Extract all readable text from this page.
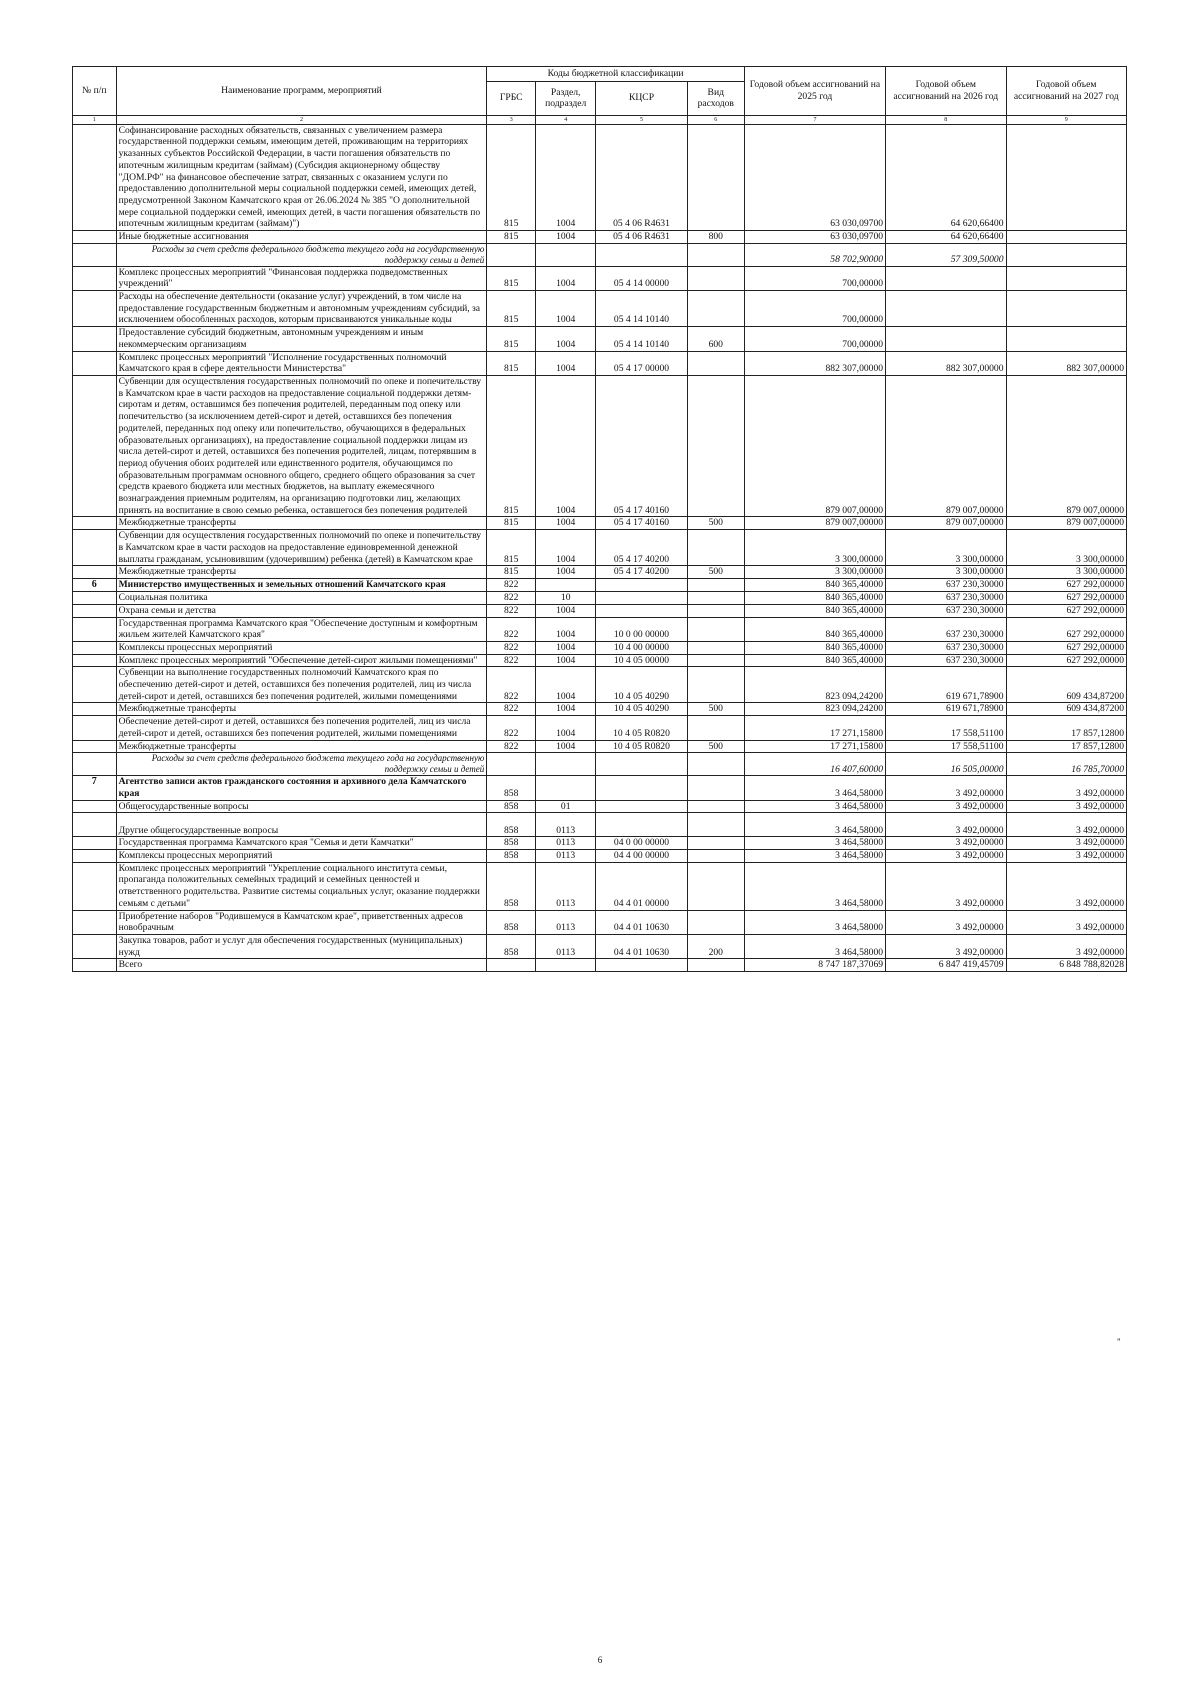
№ п/п	Наименование программ, мероприятий	Коды бюджетной классификации				Годовой объем ассигнований на 2025 год	Годовой объем ассигнований на 2026 год	Годовой объем ассигнований на 2027 год
		ГРБС	Раздел, подраздел	КЦСР	Вид расходов			
1	2	3	4	5	6	7	8	9
	Софинансирование расходных обязательств, связанных с увеличением размера государственной поддержки семьям, имеющим детей, проживающим на территориях указанных субъектов Российской Федерации, в части погашения обязательств по ипотечным жилищным кредитам (займам) (Субсидия акционерному обществу "ДОМ.РФ" на финансовое обеспечение затрат, связанных с оказанием услуги по предоставлению дополнительной меры социальной поддержки семей, имеющих детей, предусмотренной Законом Камчатского края от 26.06.2024 № 385 "О дополнительной мере социальной поддержки семей, имеющих детей, в части погашения обязательств по ипотечным жилищным кредитам (займам)")	815	1004	05 4 06 R4631		63 030,09700	64 620,66400	
	Иные бюджетные ассигнования	815	1004	05 4 06 R4631	800	63 030,09700	64 620,66400	
	Расходы за счет средств федерального бюджета текущего года на государственную поддержку семьи и детей					58 702,90000	57 309,50000	
	Комплекс процессных мероприятий "Финансовая поддержка подведомственных учреждений"	815	1004	05 4 14 00000		700,00000		
	Расходы на обеспечение деятельности (оказание услуг) учреждений, в том числе на предоставление государственным бюджетным и автономным учреждениям субсидий, за исключением обособленных расходов, которым присваиваются уникальные коды	815	1004	05 4 14 10140		700,00000		
	Предоставление субсидий бюджетным, автономным учреждениям и иным некоммерческим организациям	815	1004	05 4 14 10140	600	700,00000		
	Комплекс процессных мероприятий "Исполнение государственных полномочий Камчатского края в сфере деятельности Министерства"	815	1004	05 4 17 00000		882 307,00000	882 307,00000	882 307,00000
	Субвенции для осуществления государственных полномочий по опеке и попечительству в Камчатском крае в части расходов на предоставление социальной поддержки детям-сиротам и детям, оставшимся без попечения родителей, переданным под опеку или попечительство (за исключением детей-сирот и детей, оставшихся без попечения родителей, переданных под опеку или попечительство, обучающихся в федеральных образовательных организациях), на предоставление социальной поддержки лицам из числа детей-сирот и детей, оставшихся без попечения родителей, лицам, потерявшим в период обучения обоих родителей или единственного родителя, обучающимся по образовательным программам основного общего, среднего общего образования за счет средств краевого бюджета или местных бюджетов, на выплату ежемесячного вознаграждения приемным родителям, на организацию подготовки лиц, желающих принять на воспитание в свою семью ребенка, оставшегося без попечения родителей	815	1004	05 4 17 40160		879 007,00000	879 007,00000	879 007,00000
	Межбюджетные трансферты	815	1004	05 4 17 40160	500	879 007,00000	879 007,00000	879 007,00000
	Субвенции для осуществления государственных полномочий по опеке и попечительству в Камчатском крае в части расходов на предоставление единовременной денежной выплаты гражданам, усыновившим (удочерившим) ребенка (детей) в Камчатском крае	815	1004	05 4 17 40200		3 300,00000	3 300,00000	3 300,00000
	Межбюджетные трансферты	815	1004	05 4 17 40200	500	3 300,00000	3 300,00000	3 300,00000
6	Министерство имущественных и земельных отношений Камчатского края	822				840 365,40000	637 230,30000	627 292,00000
	Социальная политика	822	10			840 365,40000	637 230,30000	627 292,00000
	Охрана семьи и детства	822	1004			840 365,40000	637 230,30000	627 292,00000
	Государственная программа Камчатского края "Обеспечение доступным и комфортным жильем жителей Камчатского края"	822	1004	10 0 00 00000		840 365,40000	637 230,30000	627 292,00000
	Комплексы процессных мероприятий	822	1004	10 4 00 00000		840 365,40000	637 230,30000	627 292,00000
	Комплекс процессных мероприятий "Обеспечение детей-сирот жилыми помещениями"	822	1004	10 4 05 00000		840 365,40000	637 230,30000	627 292,00000
	Субвенции на выполнение государственных полномочий Камчатского края по обеспечению детей-сирот и детей, оставшихся без попечения родителей, лиц из числа детей-сирот и детей, оставшихся без попечения родителей, жилыми помещениями	822	1004	10 4 05 40290		823 094,24200	619 671,78900	609 434,87200
	Межбюджетные трансферты	822	1004	10 4 05 40290	500	823 094,24200	619 671,78900	609 434,87200
	Обеспечение детей-сирот и детей, оставшихся без попечения родителей, лиц из числа детей-сирот и детей, оставшихся без попечения родителей, жилыми помещениями	822	1004	10 4 05 R0820		17 271,15800	17 558,51100	17 857,12800
	Межбюджетные трансферты	822	1004	10 4 05 R0820	500	17 271,15800	17 558,51100	17 857,12800
	Расходы за счет средств федерального бюджета текущего года на государственную поддержку семьи и детей					16 407,60000	16 505,00000	16 785,70000
7	Агентство записи актов гражданского состояния и архивного дела Камчатского края	858				3 464,58000	3 492,00000	3 492,00000
	Общегосударственные вопросы	858	01			3 464,58000	3 492,00000	3 492,00000
	Другие общегосударственные вопросы	858	0113			3 464,58000	3 492,00000	3 492,00000
	Государственная программа Камчатского края "Семья и дети Камчатки"	858	0113	04 0 00 00000		3 464,58000	3 492,00000	3 492,00000
	Комплексы процессных мероприятий	858	0113	04 4 00 00000		3 464,58000	3 492,00000	3 492,00000
	Комплекс процессных мероприятий "Укрепление социального института семьи, пропаганда положительных семейных традиций и семейных ценностей и ответственного родительства. Развитие системы социальных услуг, оказание поддержки семьям с детьми"	858	0113	04 4 01 00000		3 464,58000	3 492,00000	3 492,00000
	Приобретение наборов "Родившемуся в Камчатском крае", приветственных адресов новобрачным	858	0113	04 4 01 10630		3 464,58000	3 492,00000	3 492,00000
	Закупка товаров, работ и услуг для обеспечения государственных (муниципальных) нужд	858	0113	04 4 01 10630	200	3 464,58000	3 492,00000	3 492,00000
	Всего					8 747 187,37069	6 847 419,45709	6 848 788,82028
"
6
